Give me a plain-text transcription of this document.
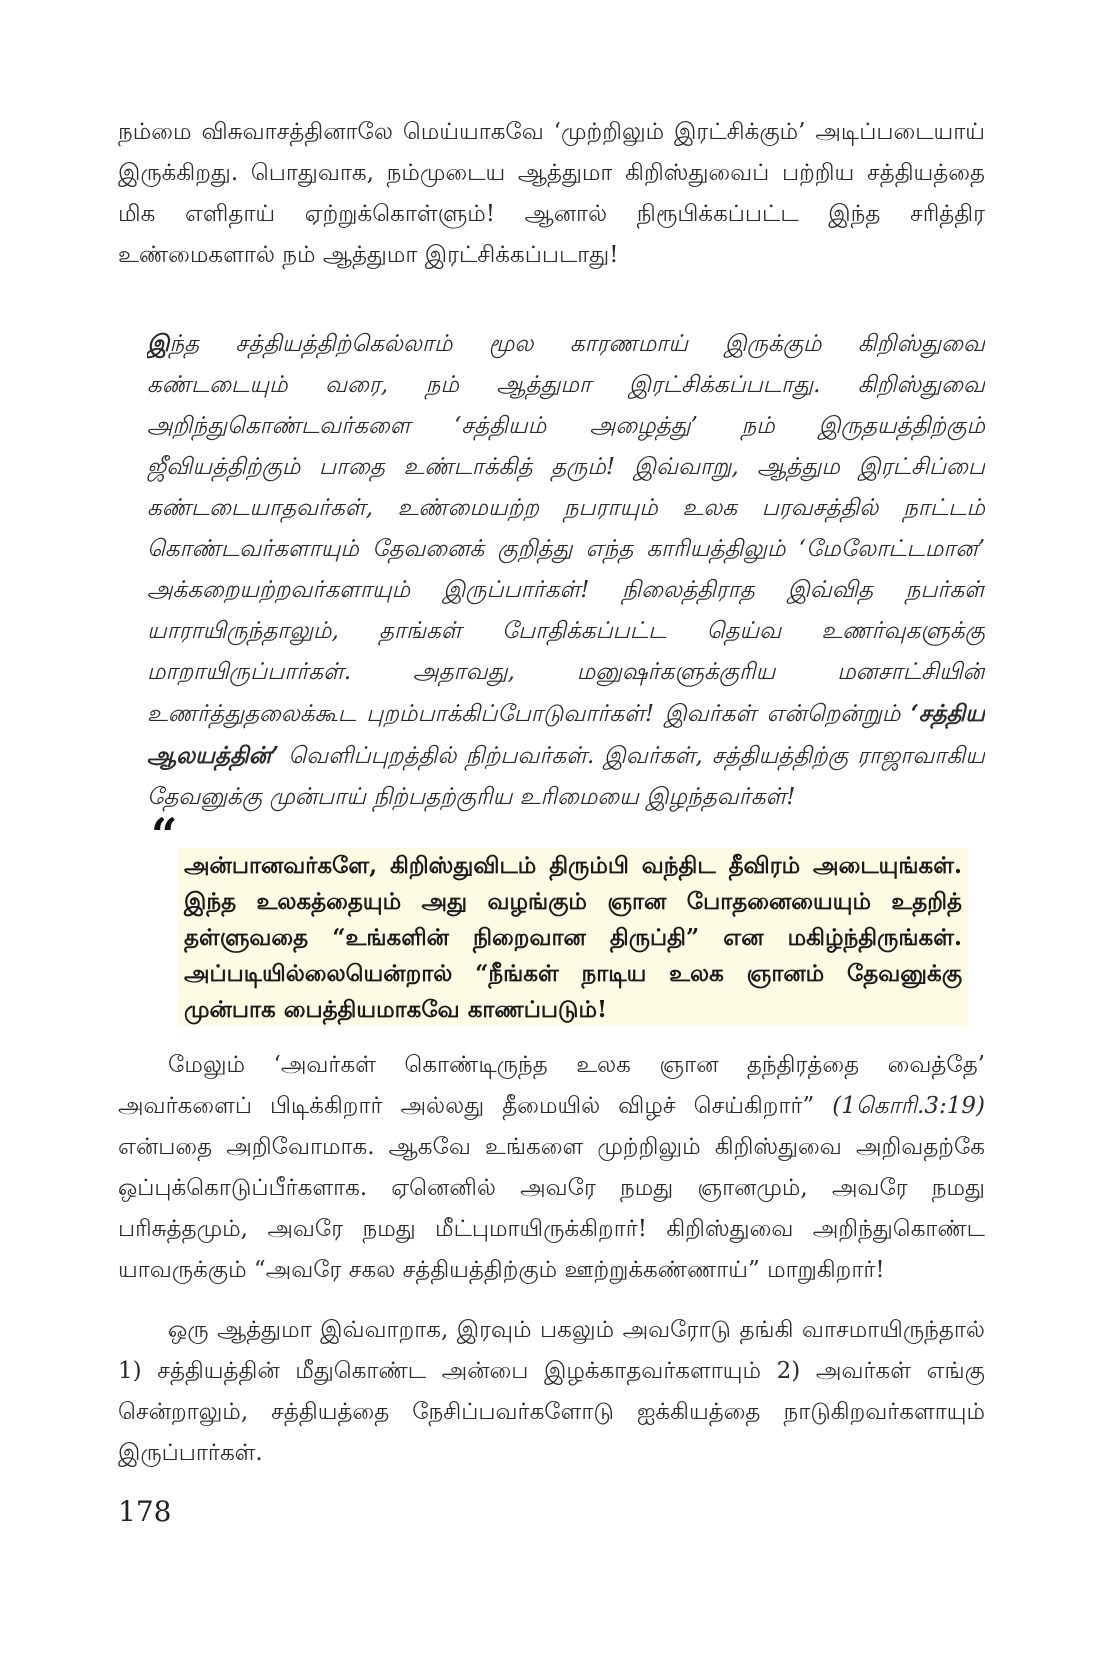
நம்மை விசுவாசத்தினாலே மெய்யாகவே ‘முற்றிலும் இரட்சிக்கும்’ அடிப்படையாய் இருக்கிறது. பொதுவாக, நம்முடைய ஆத்துமா கிறிஸ்துவைப் பற்றிய சத்தியத்தை மிக எளிதாய் ஏற்றுக்கொள்ளும்! ஆனால் நிரூபிக்கப்பட்ட இந்த சரித்திர உண்மைகளால் நம் ஆத்துமா இரட்சிக்கப்படாது!

இந்த சத்தியத்திற்கெல்லாம் மூல காரணமாய் இருக்கும் கிறிஸ்துவை கண்டடையும் வரை, நம் ஆத்துமா இரட்சிக்கப்படாது. கிறிஸ்துவை அறிந்துகொண்டவர்களை ‘சத்தியம் அழைத்து’ நம் இருதயத்திற்கும் ஜீவியத்திற்கும் பாதை உண்டாக்கித் தரும்! இவ்வாறு, ஆத்தும இரட்சிப்பை கண்டடையாதவர்கள், உண்மையற்ற நபராயும் உலக பரவசத்தில் நாட்டம் கொண்டவர்களாயும் தேவனைக் குறித்து எந்த காரியத்திலும் ‘மேலோட்டமான’ அக்கறையற்றவர்களாயும் இருப்பார்கள்! நிலைத்திராத இவ்வித நபர்கள் யாராயிருந்தாலும், தாங்கள் போதிக்கப்பட்ட தெய்வ உணர்வுகளுக்கு மாறாயிருப்பார்கள். அதாவது, மனுஷர்களுக்குரிய மனசாட்சியின் உணர்த்துதலைக்கூட புறம்பாக்கிப்போடுவார்கள்! இவர்கள் என்றென்றும் ‘சத்திய ஆலயத்தின்’ வெளிப்புறத்தில் நிற்பவர்கள். இவர்கள், சத்தியத்திற்கு ராஜாவாகிய தேவனுக்கு முன்பாய் நிற்பதற்குரிய உரிமையை இழந்தவர்கள்!

“

அன்பானவர்களே, கிறிஸ்துவிடம் திரும்பி வந்திட தீவிரம் அடையுங்கள். இந்த உலகத்தையும் அது வழங்கும் ஞான போதனையையும் உதறித் தள்ளுவதை “உங்களின் நிறைவான திருப்தி” என மகிழ்ந்திருங்கள். அப்படியில்லையென்றால் “நீங்கள் நாடிய உலக ஞானம் தேவனுக்கு முன்பாக பைத்தியமாகவே காணப்படும்!

மேலும் ‘அவர்கள் கொண்டிருந்த உலக ஞான தந்திரத்தை வைத்தே’ அவர்களைப் பிடிக்கிறார் அல்லது தீமையில் விழச் செய்கிறார்” (1கொரி.3:19) என்பதை அறிவோமாக. ஆகவே உங்களை முற்றிலும் கிறிஸ்துவை அறிவதற்கே ஒப்புக்கொடுப்பீர்களாக. ஏனெனில் அவரே நமது ஞானமும், அவரே நமது பரிசுத்தமும், அவரே நமது மீட்புமாயிருக்கிறார்! கிறிஸ்துவை அறிந்துகொண்ட யாவருக்கும் “அவரே சகல சத்தியத்திற்கும் ஊற்றுக்கண்ணாய்” மாறுகிறார்!

ஒரு ஆத்துமா இவ்வாறாக, இரவும் பகலும் அவரோடு தங்கி வாசமாயிருந்தால் 1) சத்தியத்தின் மீதுகொண்ட அன்பை இழக்காதவர்களாயும் 2) அவர்கள் எங்கு சென்றாலும், சத்தியத்தை நேசிப்பவர்களோடு ஐக்கியத்தை நாடுகிறவர்களாயும் இருப்பார்கள்.

178
